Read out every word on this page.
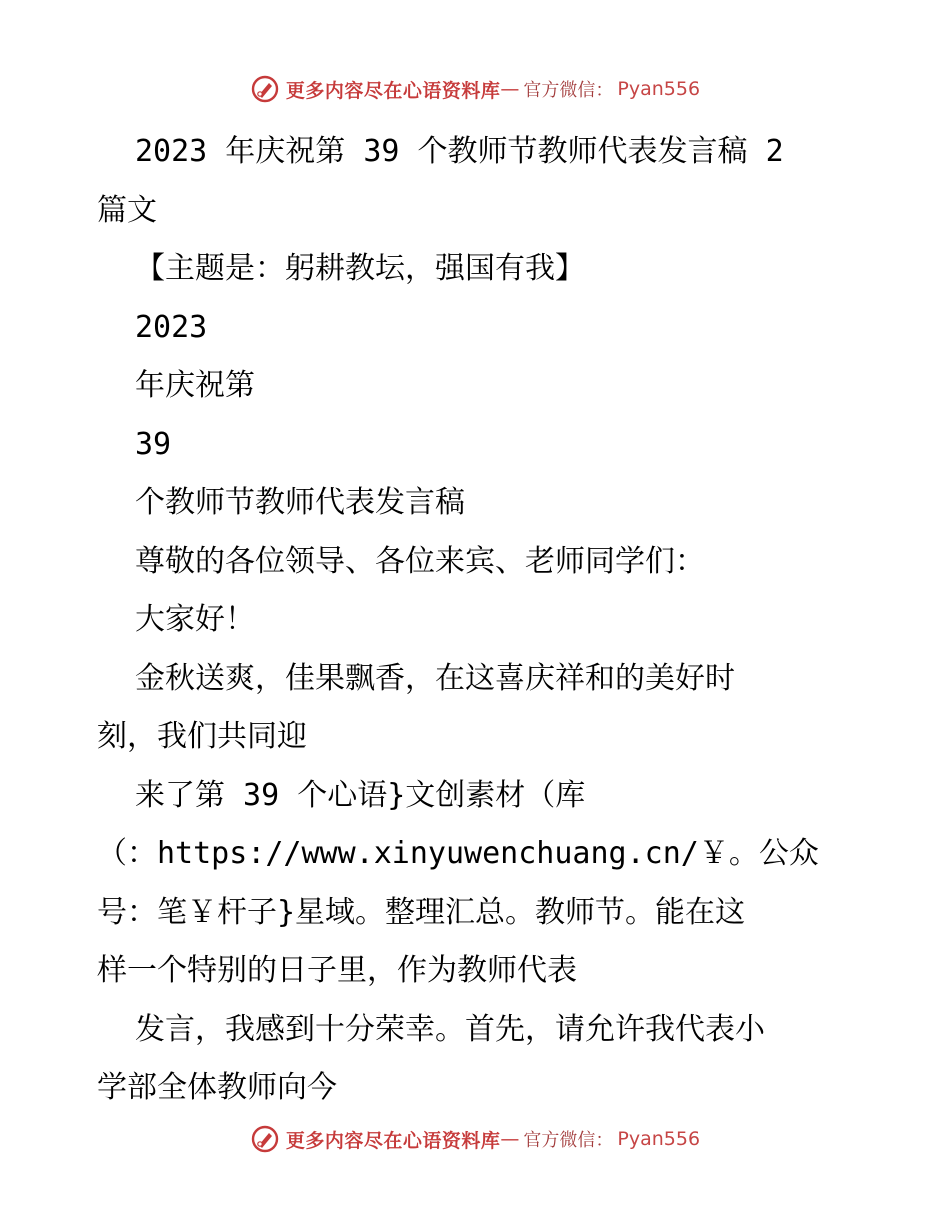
更多内容尽在心语资料库 — 官方微信： Pyan556
2023 年庆祝第 39 个教师节教师代表发言稿 2
篇文
【主题是：躬耕教坛，强国有我】
2023
年庆祝第
39
个教师节教师代表发言稿
尊敬的各位领导、各位来宾、老师同学们：
大家好！
金秋送爽，佳果飘香，在这喜庆祥和的美好时
刻，我们共同迎
来了第 39 个心语}文创素材（库
（：https://www.xinyuwenchuang.cn/￥。公众
号：笔￥杆子}星域。整理汇总。教师节。能在这
样一个特别的日子里，作为教师代表
发言，我感到十分荣幸。首先，请允许我代表小
学部全体教师向今
更多内容尽在心语资料库 — 官方微信： Pyan556
